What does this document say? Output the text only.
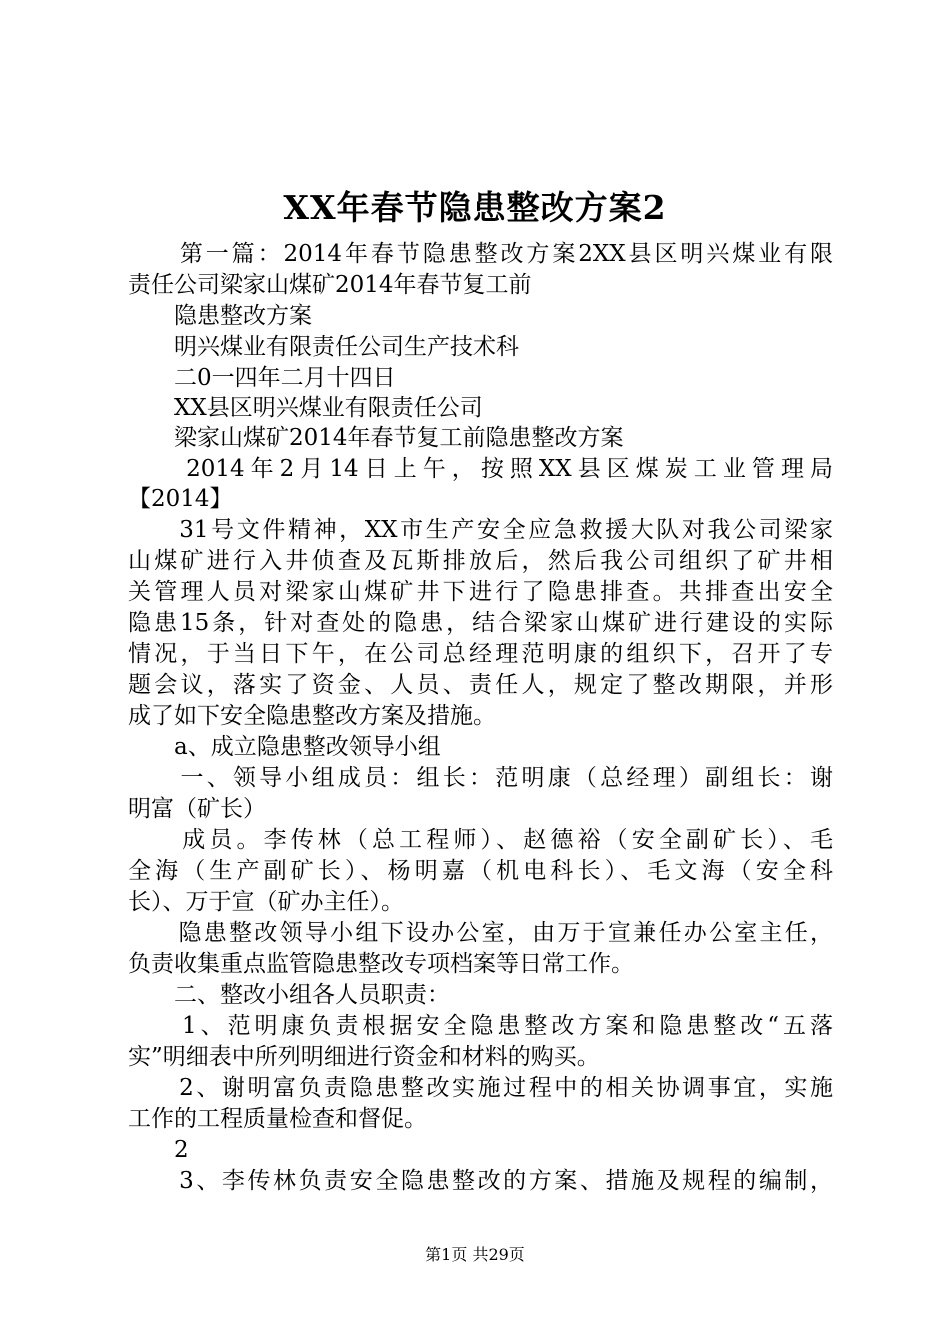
XX年春节隐患整改方案2
　　第一篇：2014年春节隐患整改方案2XX县区明兴煤业有限
责任公司梁家山煤矿2014年春节复工前
　　隐患整改方案
　　明兴煤业有限责任公司生产技术科
　　二0一四年二月十四日
　　XX县区明兴煤业有限责任公司
　　梁家山煤矿2014年春节复工前隐患整改方案
　　2014年2月14日上午，按照XX县区煤炭工业管理局
【2014】
　　31号文件精神，XX市生产安全应急救援大队对我公司梁家
山煤矿进行入井侦查及瓦斯排放后，然后我公司组织了矿井相
关管理人员对梁家山煤矿井下进行了隐患排查。共排查出安全
隐患15条，针对查处的隐患，结合梁家山煤矿进行建设的实际
情况，于当日下午，在公司总经理范明康的组织下，召开了专
题会议，落实了资金、人员、责任人，规定了整改期限，并形
成了如下安全隐患整改方案及措施。
　　a、成立隐患整改领导小组
　　一、领导小组成员：组长：范明康（总经理）副组长：谢
明富（矿长）
　　成员。李传林（总工程师）、赵德裕（安全副矿长）、毛
全海（生产副矿长）、杨明嘉（机电科长）、毛文海（安全科
长）、万于宣（矿办主任）。
　　隐患整改领导小组下设办公室，由万于宣兼任办公室主任，
负责收集重点监管隐患整改专项档案等日常工作。
　　二、整改小组各人员职责：
　　1、范明康负责根据安全隐患整改方案和隐患整改“五落
实”明细表中所列明细进行资金和材料的购买。
　　2、谢明富负责隐患整改实施过程中的相关协调事宜，实施
工作的工程质量检查和督促。
　　2
　　3、李传林负责安全隐患整改的方案、措施及规程的编制，
第1页 共29页
